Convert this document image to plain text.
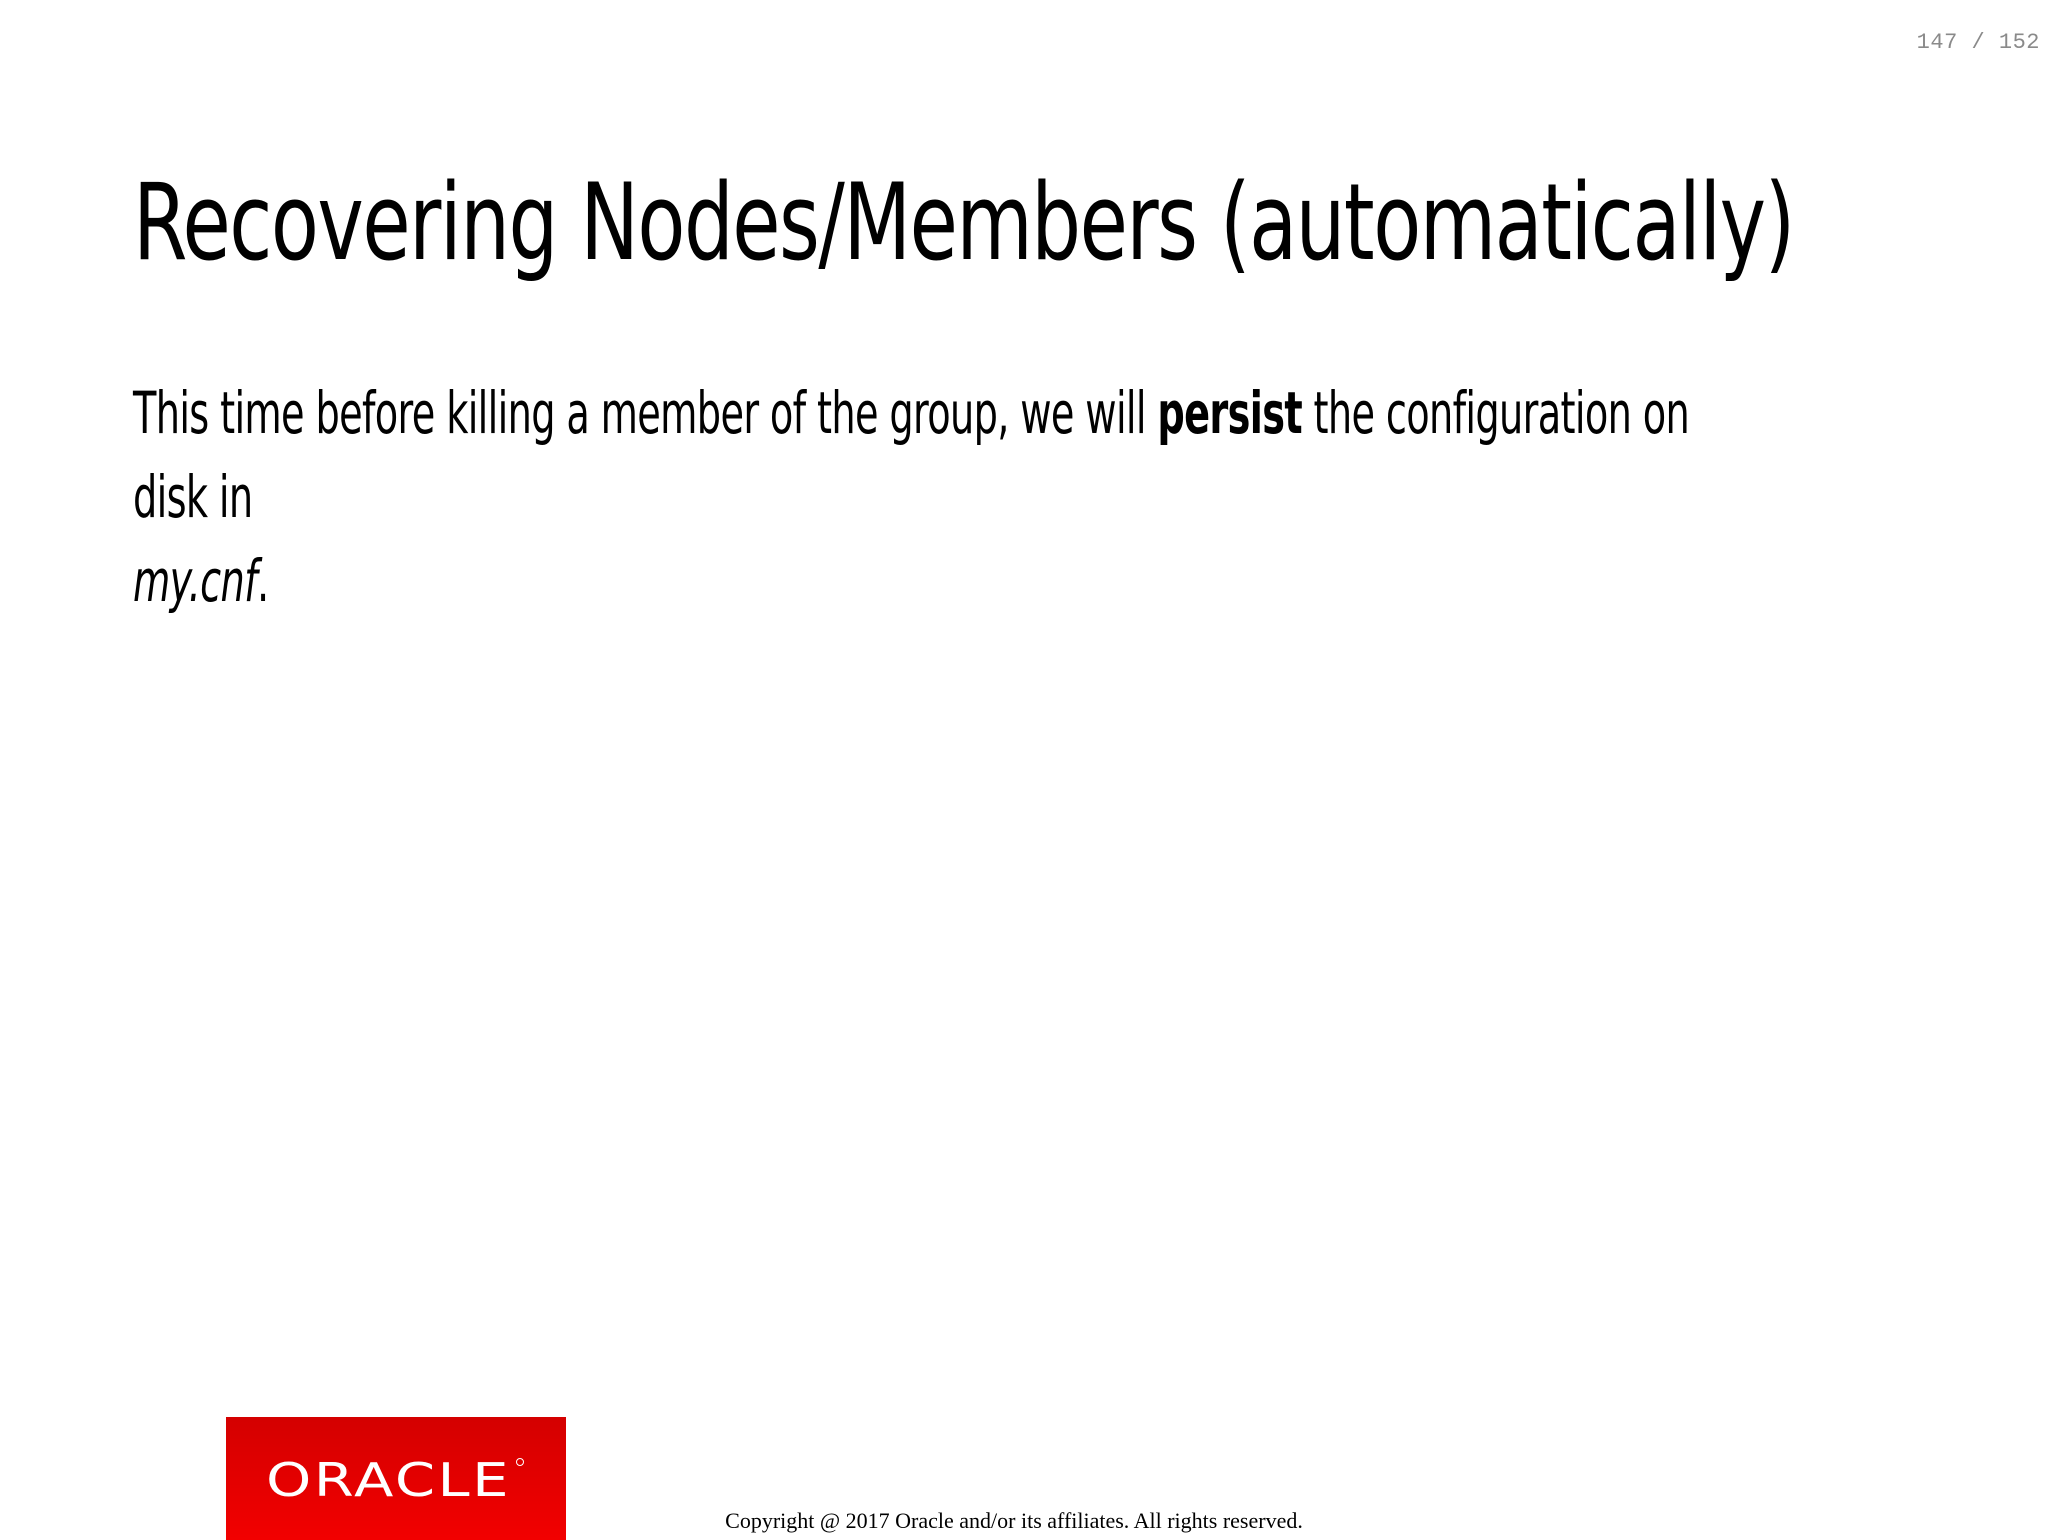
147 / 152
Recovering Nodes/Members (automatically)

This time before killing a member of the group, we will persist the configuration on disk in
my.cnf.

ORACLE
Copyright @ 2017 Oracle and/or its affiliates. All rights reserved.
